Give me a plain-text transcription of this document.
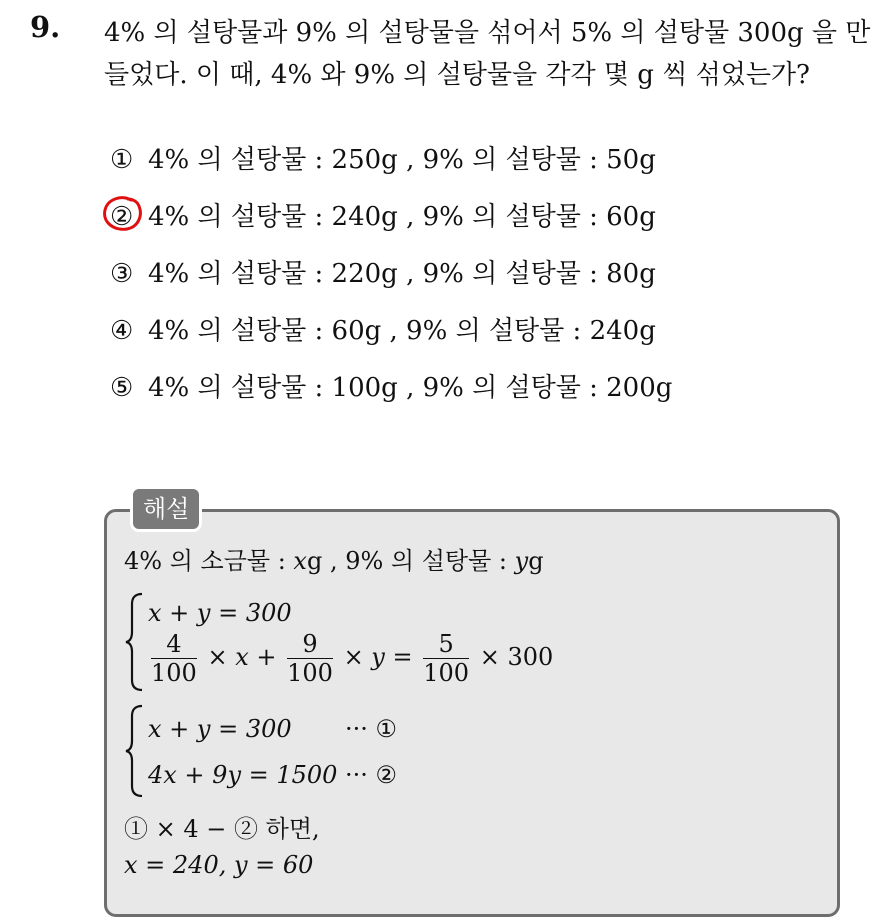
9. 4% 의 설탕물과 9% 의 설탕물을 섞어서 5% 의 설탕물 300g 을 만들었다. 이 때, 4% 와 9% 의 설탕물을 각각 몇 g 씩 섞었는가?
① 4% 의 설탕물 : 250g , 9% 의 설탕물 : 50g
② 4% 의 설탕물 : 240g , 9% 의 설탕물 : 60g
③ 4% 의 설탕물 : 220g , 9% 의 설탕물 : 80g
④ 4% 의 설탕물 : 60g , 9% 의 설탕물 : 240g
⑤ 4% 의 설탕물 : 100g , 9% 의 설탕물 : 200g
해설
4% 의 소금물 : xg , 9% 의 설탕물 : yg
x + y = 300
$\frac{4}{100} \times x + \frac{9}{100} \times y = \frac{5}{100} \times 300$
x + y = 300 ··· ①
4x + 9y = 1500 ··· ②
① × 4 − ② 하면,
x = 240, y = 60
